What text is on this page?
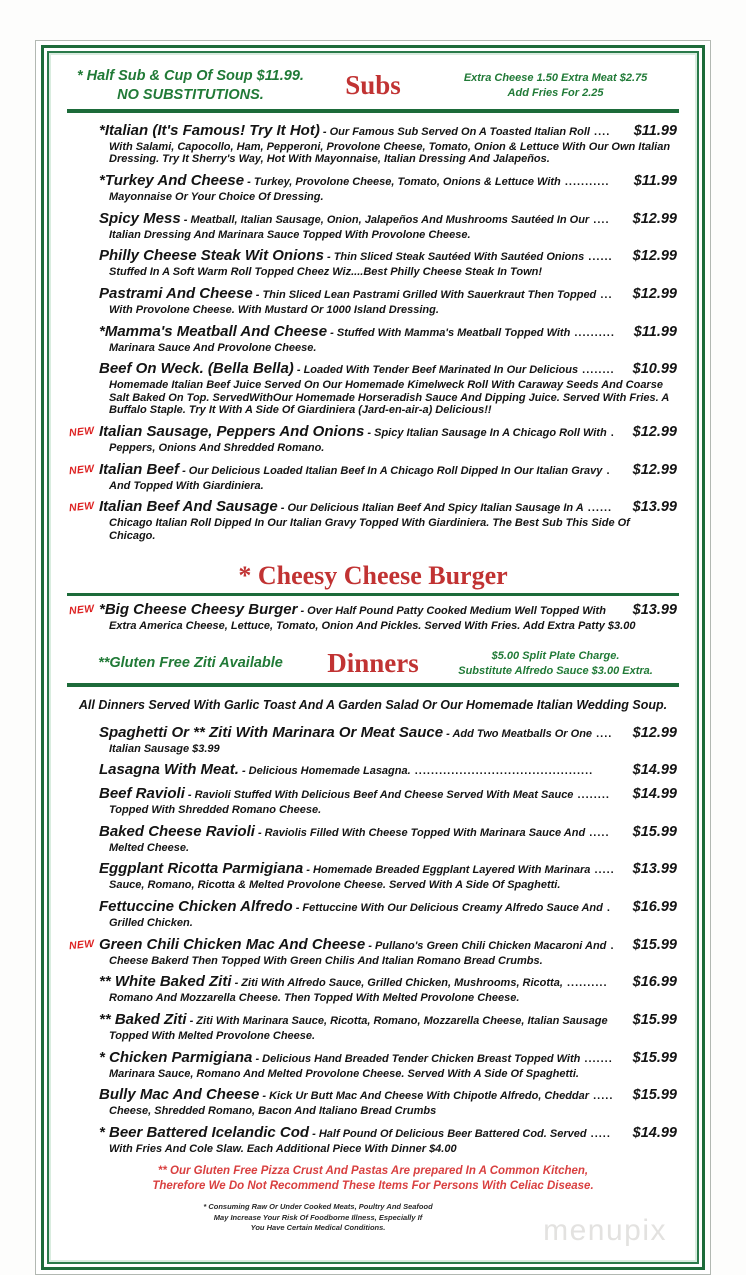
* Half Sub & Cup Of Soup $11.99.
NO SUBSTITUTIONS.	Subs	Extra Cheese 1.50 Extra Meat $2.75
Add Fries For 2.25
*Italian (It's Famous! Try It Hot) - Our Famous Sub Served On A Toasted Italian Roll ....	$11.99
With Salami, Capocollo, Ham, Pepperoni, Provolone Cheese, Tomato, Onion & Lettuce With Our Own Italian Dressing. Try It Sherry's Way, Hot With Mayonnaise, Italian Dressing And Jalapeños.
*Turkey And Cheese - Turkey, Provolone Cheese, Tomato, Onions & Lettuce With ...........	$11.99
Mayonnaise Or Your Choice Of Dressing.
Spicy Mess - Meatball, Italian Sausage, Onion, Jalapeños And Mushrooms Sautéed In Our ....	$12.99
Italian Dressing And Marinara Sauce Topped With Provolone Cheese.
Philly Cheese Steak Wit Onions - Thin Sliced Steak Sautéed With Sautéed Onions ......	$12.99
Stuffed In A Soft Warm Roll Topped Cheez Wiz....Best Philly Cheese Steak In Town!
Pastrami And Cheese - Thin Sliced Lean Pastrami Grilled With Sauerkraut Then Topped ...	$12.99
With Provolone Cheese. With Mustard Or 1000 Island Dressing.
*Mamma's Meatball And Cheese - Stuffed With Mamma's Meatball Topped With ..........	$11.99
Marinara Sauce And Provolone Cheese.
Beef On Weck. (Bella Bella) - Loaded With Tender Beef Marinated In Our Delicious ........	$10.99
Homemade Italian Beef Juice Served On Our Homemade Kimelweck Roll With Caraway Seeds And Coarse Salt Baked On Top. ServedWithOur Homemade Horseradish Sauce And Dipping Juice. Served With Fries. A Buffalo Staple. Try It With A Side Of Giardiniera (Jard-en-air-a) Delicious!!
NEW Italian Sausage, Peppers And Onions - Spicy Italian Sausage In A Chicago Roll With .	$12.99
Peppers, Onions And Shredded Romano.
NEW Italian Beef - Our Delicious Loaded Italian Beef In A Chicago Roll Dipped In Our Italian Gravy .	$12.99
And Topped With Giardiniera.
NEW Italian Beef And Sausage - Our Delicious Italian Beef And Spicy Italian Sausage In A ......	$13.99
Chicago Italian Roll Dipped In Our Italian Gravy Topped With Giardiniera. The Best Sub This Side Of Chicago.
* Cheesy Cheese Burger
NEW *Big Cheese Cheesy Burger - Over Half Pound Patty Cooked Medium Well Topped With	$13.99
Extra America Cheese, Lettuce, Tomato, Onion And Pickles. Served With Fries. Add Extra Patty $3.00
**Gluten Free Ziti Available	Dinners	$5.00 Split Plate Charge.
Substitute Alfredo Sauce $3.00 Extra.

All Dinners Served With Garlic Toast And A Garden Salad Or Our Homemade Italian Wedding Soup.

Spaghetti Or ** Ziti With Marinara Or Meat Sauce - Add Two Meatballs Or One ....	$12.99
Italian Sausage $3.99
Lasagna With Meat. - Delicious Homemade Lasagna. ............................................	$14.99
Beef Ravioli - Ravioli Stuffed With Delicious Beef And Cheese Served With Meat Sauce ........	$14.99
Topped With Shredded Romano Cheese.
Baked Cheese Ravioli - Raviolis Filled With Cheese Topped With Marinara Sauce And .....	$15.99
Melted Cheese.
Eggplant Ricotta Parmigiana - Homemade Breaded Eggplant Layered With Marinara .....	$13.99
Sauce, Romano, Ricotta & Melted Provolone Cheese. Served With A Side Of Spaghetti.
Fettuccine Chicken Alfredo - Fettuccine With Our Delicious Creamy Alfredo Sauce And .	$16.99
Grilled Chicken.
NEW Green Chili Chicken Mac And Cheese - Pullano's Green Chili Chicken Macaroni And .	$15.99
Cheese Bakerd Then Topped With Green Chilis And Italian Romano Bread Crumbs.
** White Baked Ziti - Ziti With Alfredo Sauce, Grilled Chicken, Mushrooms, Ricotta, ..........	$16.99
Romano And Mozzarella Cheese. Then Topped With Melted Provolone Cheese.
** Baked Ziti - Ziti With Marinara Sauce, Ricotta, Romano, Mozzarella Cheese, Italian Sausage	$15.99
Topped With Melted Provolone Cheese.
* Chicken Parmigiana - Delicious Hand Breaded Tender Chicken Breast Topped With .......	$15.99
Marinara Sauce, Romano And Melted Provolone Cheese. Served With A Side Of Spaghetti.
Bully Mac And Cheese - Kick Ur Butt Mac And Cheese With Chipotle Alfredo, Cheddar .....	$15.99
Cheese, Shredded Romano, Bacon And Italiano Bread Crumbs
* Beer Battered Icelandic Cod - Half Pound Of Delicious Beer Battered Cod. Served .....	$14.99
With Fries And Cole Slaw. Each Additional Piece With Dinner $4.00
** Our Gluten Free Pizza Crust And Pastas Are prepared In A Common Kitchen,
Therefore We Do Not Recommend These Items For Persons With Celiac Disease.
* Consuming Raw Or Under Cooked Meats, Poultry And Seafood
May Increase Your Risk Of Foodborne Illness, Especially If
You Have Certain Medical Conditions.	menupix
